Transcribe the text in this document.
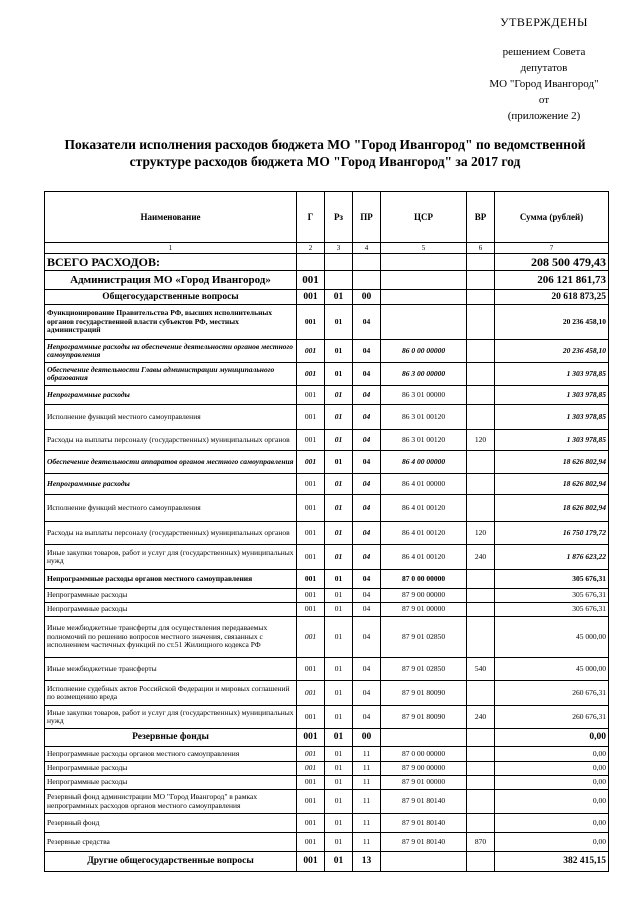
УТВЕРЖДЕНЫ
решением Совета
депутатов
МО "Город Ивангород"
от
(приложение 2)
Показатели исполнения расходов бюджета МО "Город Ивангород" по ведомственной
структуре расходов бюджета МО "Город Ивангород" за 2017 год
Наименование	Г	Рз	ПР	ЦСР	ВР	Сумма (рублей)
1	2	3	4	5	6	7
ВСЕГО РАСХОДОВ:						208 500 479,43
Администрация МО «Город Ивангород»	001					206 121 861,73
Общегосударственные вопросы	001	01	00			20 618 873,25
Функционирование Правительства РФ, высших исполнительных органов государственной власти субъектов РФ, местных администраций	001	01	04			20 236 458,10
Непрограммные расходы на обеспечение деятельности органов местного самоуправления	001	01	04	86 0 00 00000		20 236 458,10
Обеспечение деятельности Главы администрации муниципального образования	001	01	04	86 3 00 00000		1 303 978,85
Непрограммные расходы	001	01	04	86 3 01 00000		1 303 978,85
Исполнение функций местного самоуправления	001	01	04	86 3 01 00120		1 303 978,85
Расходы на выплаты персоналу (государственных) муниципальных органов	001	01	04	86 3 01 00120	120	1 303 978,85
Обеспечение деятельности аппаратов органов местного самоуправления	001	01	04	86 4 00 00000		18 626 802,94
Непрограммные расходы	001	01	04	86 4 01 00000		18 626 802,94
Исполнение функций местного самоуправления	001	01	04	86 4 01 00120		18 626 802,94
Расходы на выплаты персоналу (государственных) муниципальных органов	001	01	04	86 4 01 00120	120	16 750 179,72
Иные закупки товаров, работ и услуг для (государственных) муниципальных нужд	001	01	04	86 4 01 00120	240	1 876 623,22
Непрограммные расходы органов местного самоуправления	001	01	04	87 0 00 00000		305 676,31
Непрограммные расходы	001	01	04	87 9 00 00000		305 676,31
Непрограммные расходы	001	01	04	87 9 01 00000		305 676,31
Иные межбюджетные трансферты для осуществления передаваемых полномочий по решению вопросов местного значения, связанных с исполнением частичных функций по ст.51 Жилищного кодекса РФ	001	01	04	87 9 01 02850		45 000,00
Иные межбюджетные трансферты	001	01	04	87 9 01 02850	540	45 000,00
Исполнение судебных актов Российской Федерации и мировых соглашений по возмещению вреда	001	01	04	87 9 01 80090		260 676,31
Иные закупки товаров, работ и услуг для (государственных) муниципальных нужд	001	01	04	87 9 01 80090	240	260 676,31
Резервные фонды	001	01	00			0,00
Непрограммные расходы органов местного самоуправления	001	01	11	87 0 00 00000		0,00
Непрограммные расходы	001	01	11	87 9 00 00000		0,00
Непрограммные расходы	001	01	11	87 9 01 00000		0,00
Резервный фонд администрации МО "Город Ивангород" в рамках непрограммных расходов органов местного самоуправления	001	01	11	87 9 01 80140		0,00
Резервный фонд	001	01	11	87 9 01 80140		0,00
Резервные средства	001	01	11	87 9 01 80140	870	0,00
Другие общегосударственные вопросы	001	01	13			382 415,15
